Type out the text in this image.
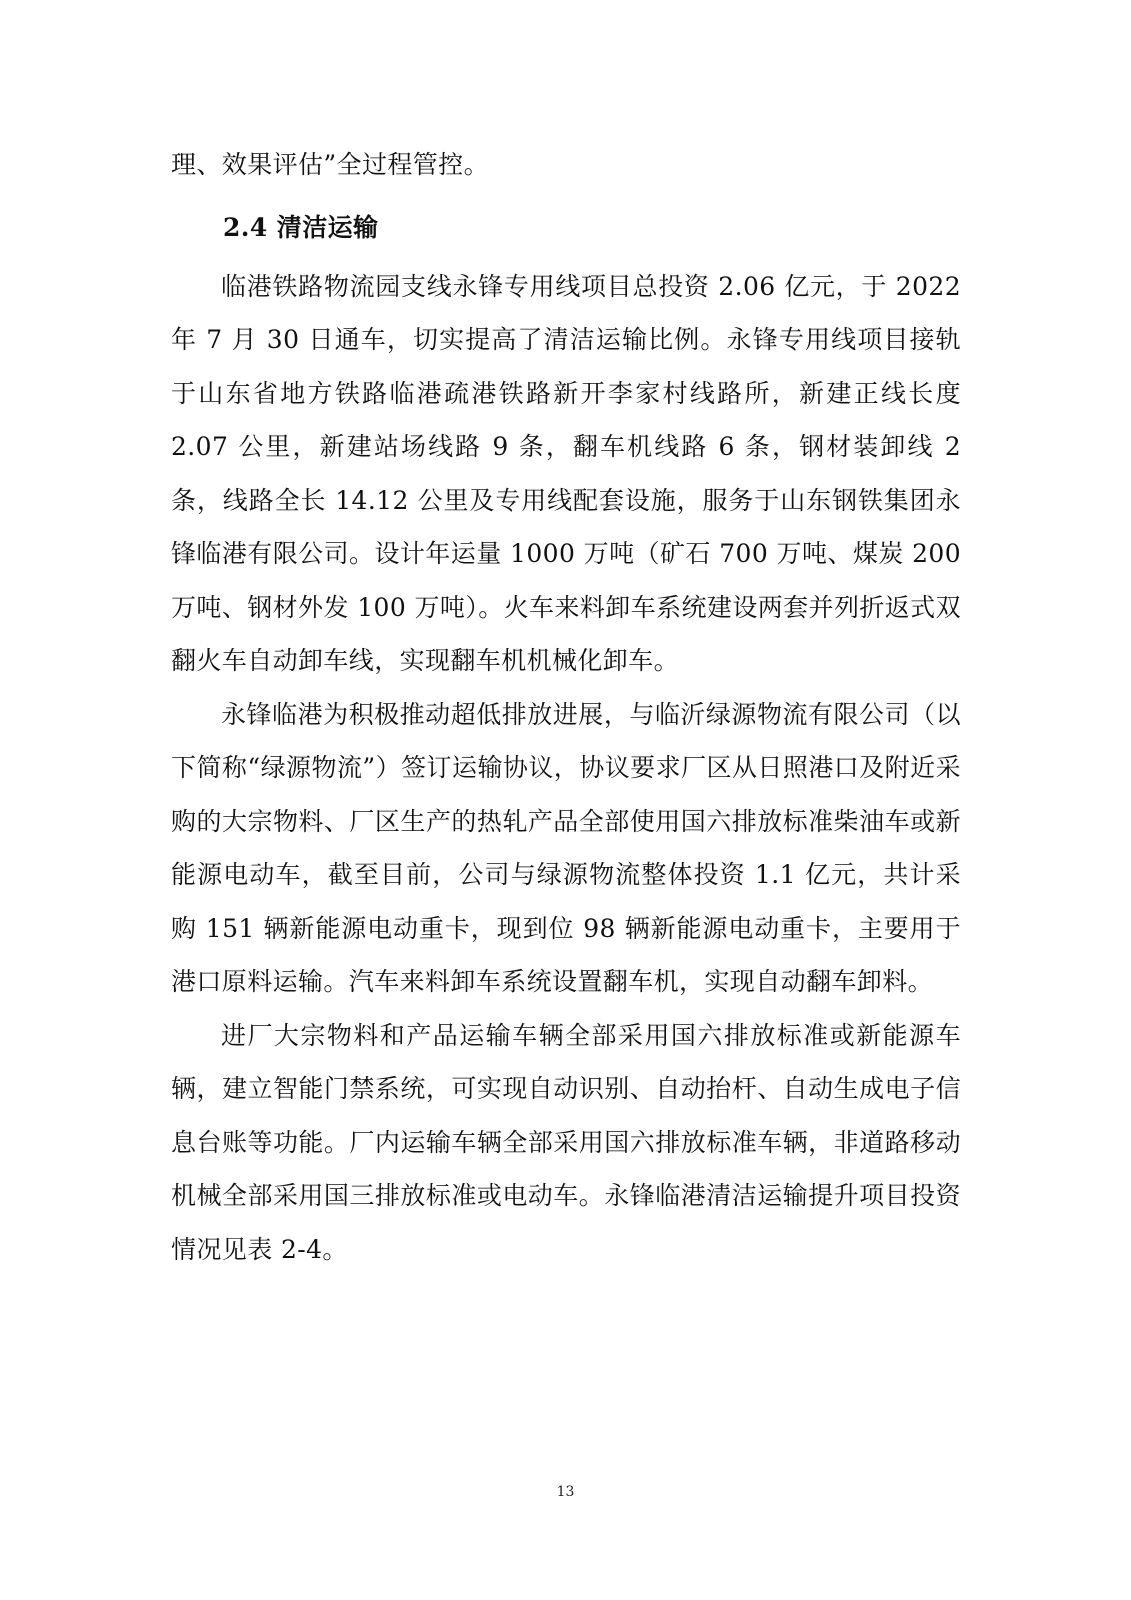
理、效果评估”全过程管控。

2.4 清洁运输

临港铁路物流园支线永锋专用线项目总投资 2.06 亿元，于 2022 年 7 月 30 日通车，切实提高了清洁运输比例。永锋专用线项目接轨于山东省地方铁路临港疏港铁路新开李家村线路所，新建正线长度 2.07 公里，新建站场线路 9 条，翻车机线路 6 条，钢材装卸线 2 条，线路全长 14.12 公里及专用线配套设施，服务于山东钢铁集团永锋临港有限公司。设计年运量 1000 万吨（矿石 700 万吨、煤炭 200 万吨、钢材外发 100 万吨）。火车来料卸车系统建设两套并列折返式双翻火车自动卸车线，实现翻车机机械化卸车。

永锋临港为积极推动超低排放进展，与临沂绿源物流有限公司（以下简称“绿源物流”）签订运输协议，协议要求厂区从日照港口及附近采购的大宗物料、厂区生产的热轧产品全部使用国六排放标准柴油车或新能源电动车，截至目前，公司与绿源物流整体投资 1.1 亿元，共计采购 151 辆新能源电动重卡，现到位 98 辆新能源电动重卡，主要用于港口原料运输。汽车来料卸车系统设置翻车机，实现自动翻车卸料。

进厂大宗物料和产品运输车辆全部采用国六排放标准或新能源车辆，建立智能门禁系统，可实现自动识别、自动抬杆、自动生成电子信息台账等功能。厂内运输车辆全部采用国六排放标准车辆，非道路移动机械全部采用国三排放标准或电动车。永锋临港清洁运输提升项目投资情况见表 2-4。

13
